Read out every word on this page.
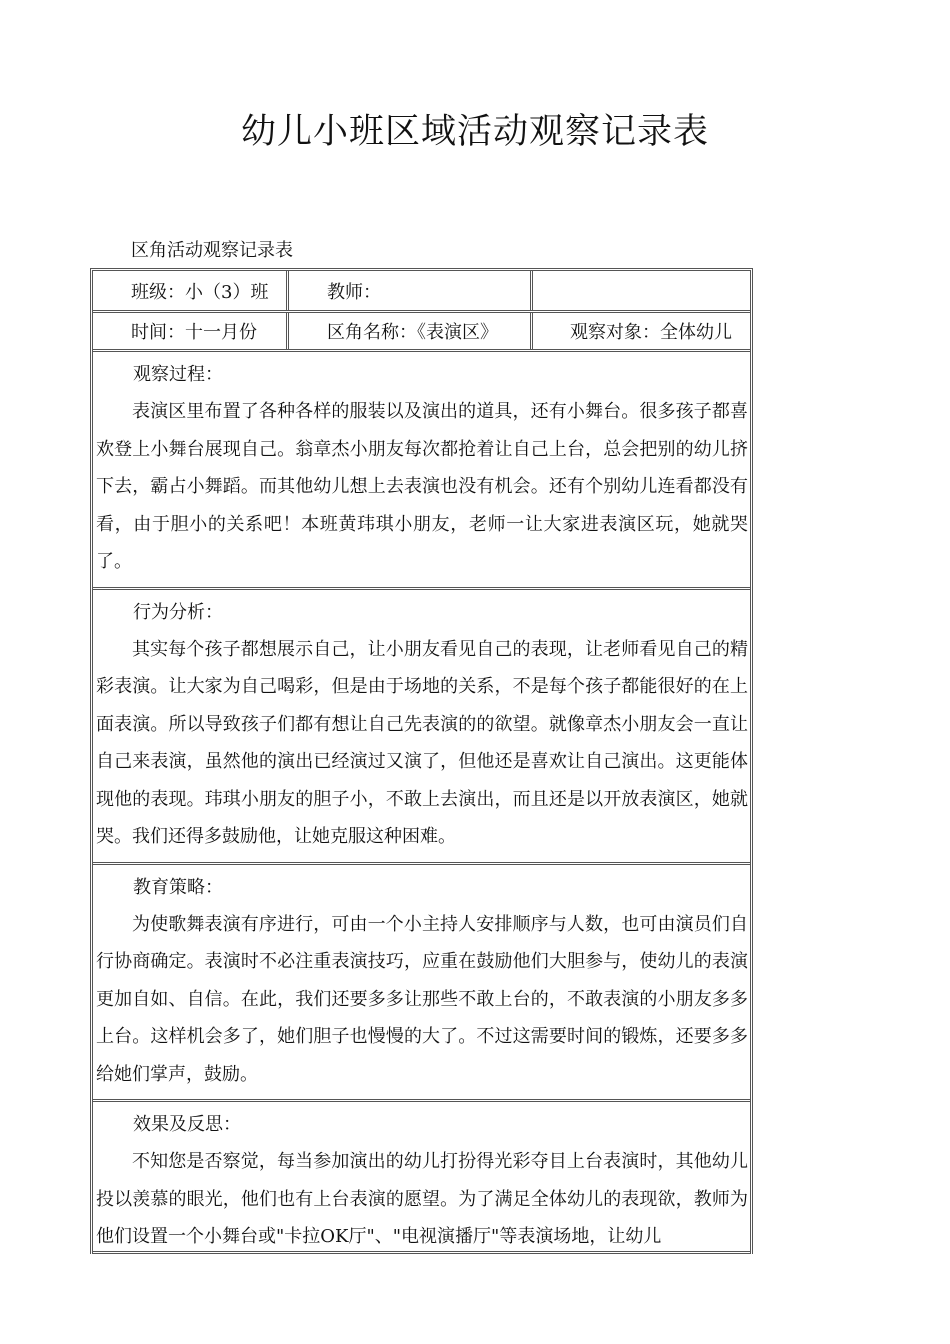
幼儿小班区域活动观察记录表
区角活动观察记录表
班级：小（3）班	教师：
时间：十一月份	区角名称：《表演区》	观察对象：全体幼儿
观察过程：

表演区里布置了各种各样的服装以及演出的道具，还有小舞台。很多孩子都喜欢登上小舞台展现自己。翁章杰小朋友每次都抢着让自己上台，总会把别的幼儿挤下去，霸占小舞蹈。而其他幼儿想上去表演也没有机会。还有个别幼儿连看都没有看，由于胆小的关系吧！本班黄玮琪小朋友，老师一让大家进表演区玩，她就哭了。

行为分析：

其实每个孩子都想展示自己，让小朋友看见自己的表现，让老师看见自己的精彩表演。让大家为自己喝彩，但是由于场地的关系，不是每个孩子都能很好的在上面表演。所以导致孩子们都有想让自己先表演的的欲望。就像章杰小朋友会一直让自己来表演，虽然他的演出已经演过又演了，但他还是喜欢让自己演出。这更能体现他的表现。玮琪小朋友的胆子小，不敢上去演出，而且还是以开放表演区，她就哭。我们还得多鼓励他，让她克服这种困难。

教育策略：

为使歌舞表演有序进行，可由一个小主持人安排顺序与人数，也可由演员们自行协商确定。表演时不必注重表演技巧，应重在鼓励他们大胆参与，使幼儿的表演更加自如、自信。在此，我们还要多多让那些不敢上台的，不敢表演的小朋友多多上台。这样机会多了，她们胆子也慢慢的大了。不过这需要时间的锻炼，还要多多给她们掌声，鼓励。

效果及反思：

不知您是否察觉，每当参加演出的幼儿打扮得光彩夺目上台表演时，其他幼儿投以羡慕的眼光，他们也有上台表演的愿望。为了满足全体幼儿的表现欲，教师为他们设置一个小舞台或"卡拉OK厅"、"电视演播厅"等表演场地，让幼儿
